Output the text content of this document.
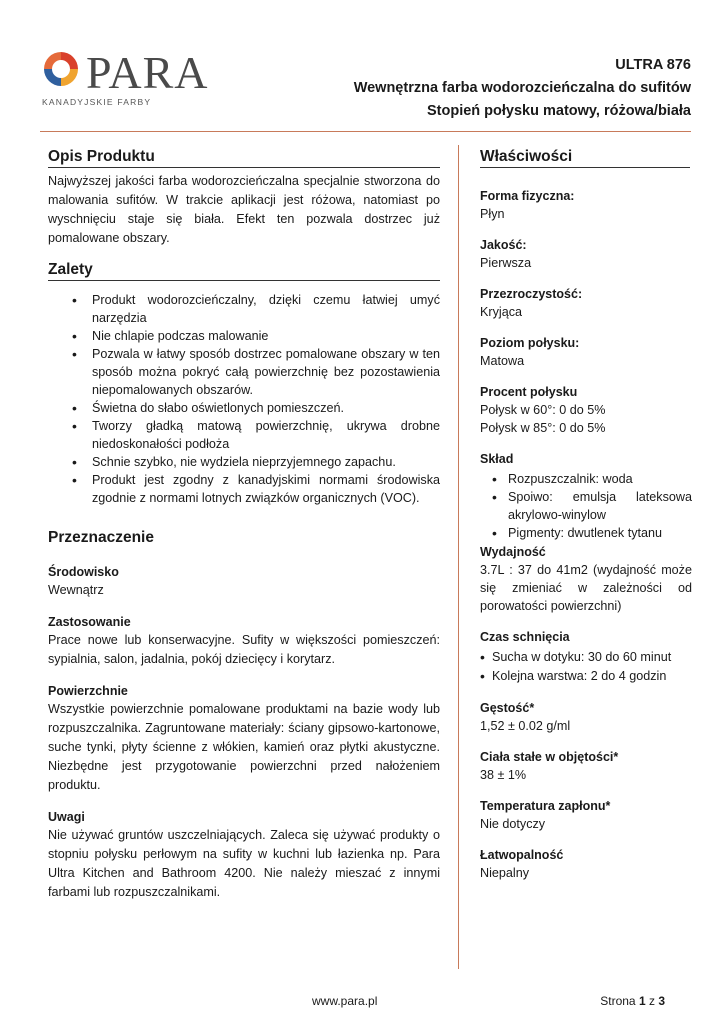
PARA
KANADYJSKIE FARBY
ULTRA 876
Wewnętrzna farba wodorozcieńczalna do sufitów
Stopień połysku matowy, różowa/biała
Opis Produktu
Najwyższej jakości farba wodorozcieńczalna specjalnie stworzona do malowania sufitów. W trakcie aplikacji jest różowa, natomiast po wyschnięciu staje się biała. Efekt ten pozwala dostrzec już pomalowane obszary.
Zalety
• Produkt wodorozcieńczalny, dzięki czemu łatwiej umyć narzędzia
• Nie chlapie podczas malowanie
• Pozwala w łatwy sposób dostrzec pomalowane obszary w ten sposób można pokryć całą powierzchnię bez pozostawienia niepomalowanych obszarów.
• Świetna do słabo oświetlonych pomieszczeń.
• Tworzy gładką matową powierzchnię, ukrywa drobne niedoskonałości podłoża
• Schnie szybko, nie wydziela nieprzyjemnego zapachu.
• Produkt jest zgodny z kanadyjskimi normami środowiska zgodnie z normami lotnych związków organicznych (VOC).
Przeznaczenie
Środowisko
Wewnątrz
Zastosowanie
Prace nowe lub konserwacyjne. Sufity w większości pomieszczeń: sypialnia, salon, jadalnia, pokój dziecięcy i korytarz.
Powierzchnie
Wszystkie powierzchnie pomalowane produktami na bazie wody lub rozpuszczalnika. Zagruntowane materiały: ściany gipsowo-kartonowe, suche tynki, płyty ścienne z włókien, kamień oraz płytki akustyczne. Niezbędne jest przygotowanie powierzchni przed nałożeniem produktu.
Uwagi
Nie używać gruntów uszczelniających. Zaleca się używać produkty o stopniu połysku perłowym na sufity w kuchni lub łazienka np. Para Ultra Kitchen and Bathroom 4200. Nie należy mieszać z innymi farbami lub rozpuszczalnikami.
Właściwości
Forma fizyczna:
Płyn
Jakość:
Pierwsza
Przezroczystość:
Kryjąca
Poziom połysku:
Matowa
Procent połysku
Połysk w 60°: 0 do 5%
Połysk w 85°: 0 do 5%
Skład
• Rozpuszczalnik: woda
• Spoiwo: emulsja lateksowa akrylowo-winylow
• Pigmenty: dwutlenek tytanu
Wydajność
3.7L : 37 do 41m2 (wydajność może się zmieniać w zależności od porowatości powierzchni)
Czas schnięcia
• Sucha w dotyku: 30 do 60 minut
• Kolejna warstwa: 2 do 4 godzin
Gęstość*
1,52 ± 0.02 g/ml
Ciała stałe w objętości*
38 ± 1%
Temperatura zapłonu*
Nie dotyczy
Łatwopalność
Niepalny
www.para.pl	Strona 1 z 3
